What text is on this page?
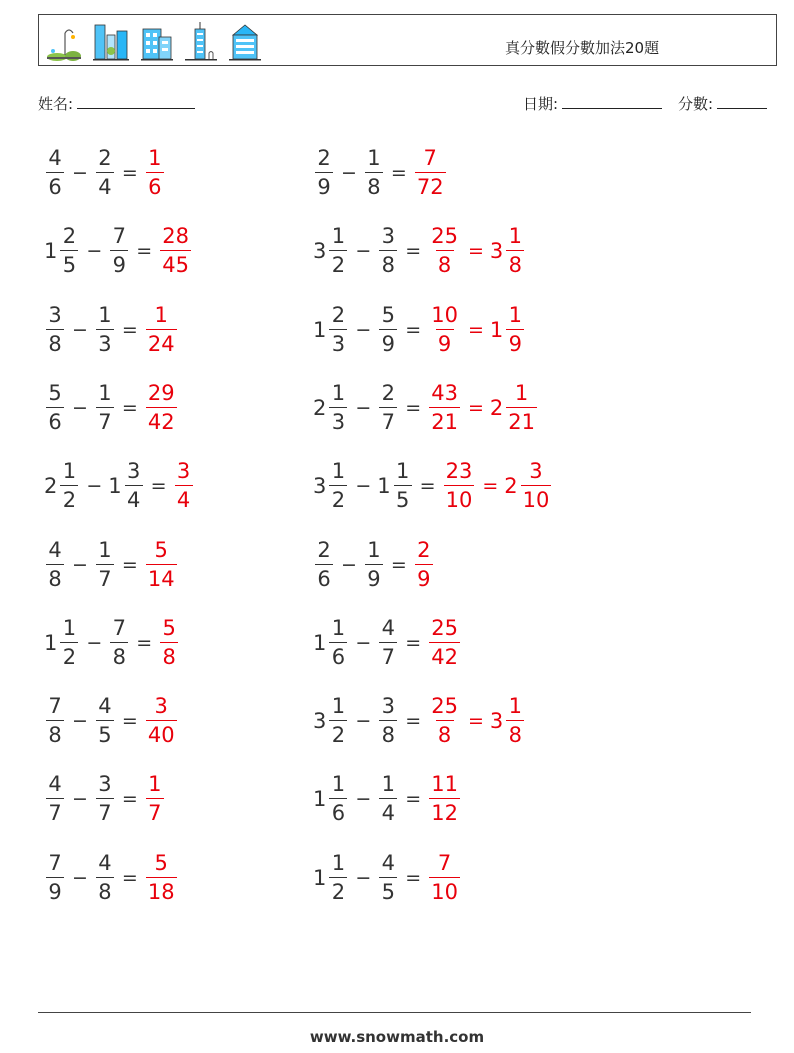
真分數假分數加法20題
姓名:	日期:	分數:
$\frac{4}{6} - \frac{2}{4} = \frac{1}{6}$
$1 \frac{2}{5} - \frac{7}{9} = \frac{28}{45}$
$\frac{3}{8} - \frac{1}{3} = \frac{1}{24}$
$\frac{5}{6} - \frac{1}{7} = \frac{29}{42}$
$2 \frac{1}{2} - 1 \frac{3}{4} = \frac{3}{4}$
$\frac{4}{8} - \frac{1}{7} = \frac{5}{14}$
$1 \frac{1}{2} - \frac{7}{8} = \frac{5}{8}$
$\frac{7}{8} - \frac{4}{5} = \frac{3}{40}$
$\frac{4}{7} - \frac{3}{7} = \frac{1}{7}$
$\frac{7}{9} - \frac{4}{8} = \frac{5}{18}$
$\frac{2}{9} - \frac{1}{8} = \frac{7}{72}$
$3 \frac{1}{2} - \frac{3}{8} = \frac{25}{8} = 3 \frac{1}{8}$
$1 \frac{2}{3} - \frac{5}{9} = \frac{10}{9} = 1 \frac{1}{9}$
$2 \frac{1}{3} - \frac{2}{7} = \frac{43}{21} = 2 \frac{1}{21}$
$3 \frac{1}{2} - 1 \frac{1}{5} = \frac{23}{10} = 2 \frac{3}{10}$
$\frac{2}{6} - \frac{1}{9} = \frac{2}{9}$
$1 \frac{1}{6} - \frac{4}{7} = \frac{25}{42}$
$3 \frac{1}{2} - \frac{3}{8} = \frac{25}{8} = 3 \frac{1}{8}$
$1 \frac{1}{6} - \frac{1}{4} = \frac{11}{12}$
$1 \frac{1}{2} - \frac{4}{5} = \frac{7}{10}$
www.snowmath.com
